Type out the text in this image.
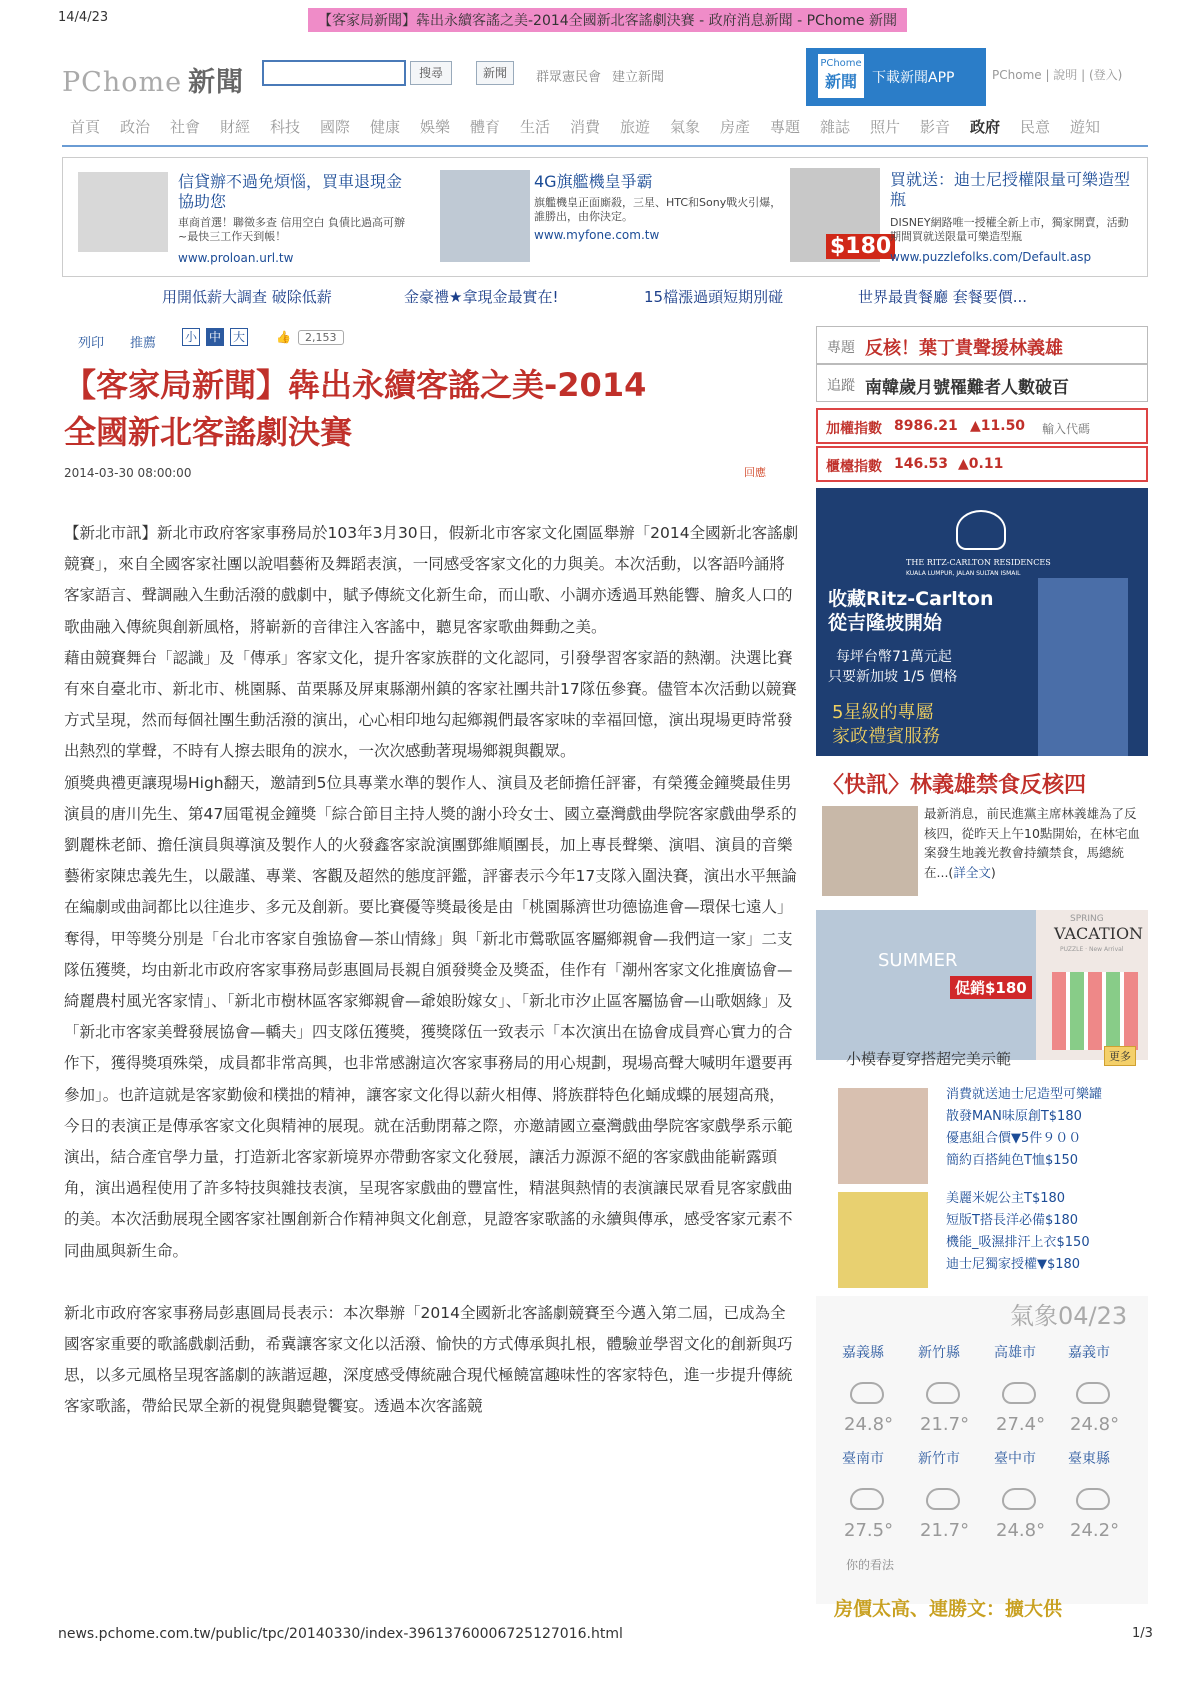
14/4/23	【客家局新聞】犇出永續客謠之美-2014全國新北客謠劇決賽 - 政府消息新聞 - PChome 新聞
PChome 新聞	搜尋	新聞	群眾憲民會 建立新聞
PChome
新聞	下載新聞APP	PChome | 說明 | (登入)
首頁	政治	社會	財經	科技	國際	健康	娛樂	體育	生活	消費	旅遊	氣象	房產	專題	雜誌	照片	影音	政府	民意	遊知
信貸辦不過免煩惱，買車退現金協助您
車商首選！聯徵多查 信用空白 負債比過高可辦~最快三工作天到帳！
www.proloan.url.tw
4G旗艦機皇爭霸
旗艦機皇正面廝殺，三星、HTC和Sony戰火引爆，誰勝出，由你決定。
www.myfone.com.tw	$180
買就送：迪士尼授權限量可樂造型瓶
DISNEY網路唯一授權全新上市，獨家開賣，活動期間買就送限量可樂造型瓶
www.puzzlefolks.com/Default.asp
用開低薪大調查 破除低薪	金豪禮★拿現金最實在!	15檔漲過頭短期別碰	世界最貴餐廳 套餐要價...
列印 推薦 小 中 大	👍	2,153
【客家局新聞】犇出永續客謠之美-2014
全國新北客謠劇決賽
2014-03-30 08:00:00	回應

【新北市訊】新北市政府客家事務局於103年3月30日，假新北市客家文化園區舉辦「2014全國新北客謠劇競賽」，來自全國客家社團以說唱藝術及舞蹈表演，一同感受客家文化的力與美。本次活動，以客語吟誦將客家語言、聲調融入生動活潑的戲劇中，賦予傳統文化新生命，而山歌、小調亦透過耳熟能響、膾炙人口的歌曲融入傳統與創新風格，將嶄新的音律注入客謠中，聽見客家歌曲舞動之美。

藉由競賽舞台「認識」及「傳承」客家文化，提升客家族群的文化認同，引發學習客家語的熱潮。決選比賽有來自臺北市、新北市、桃園縣、苗栗縣及屏東縣潮州鎮的客家社團共計17隊伍參賽。儘管本次活動以競賽方式呈現，然而每個社團生動活潑的演出，心心相印地勾起鄉親們最客家味的幸福回憶，演出現場更時常發出熱烈的掌聲，不時有人擦去眼角的淚水，一次次感動著現場鄉親與觀眾。

頒獎典禮更讓現場High翻天，邀請到5位具專業水準的製作人、演員及老師擔任評審，有榮獲金鐘獎最佳男演員的唐川先生、第47屆電視金鐘獎「綜合節目主持人獎的謝小玲女士、國立臺灣戲曲學院客家戲曲學系的劉麗株老師、擔任演員與導演及製作人的火發鑫客家說演團鄧維順團長，加上專長聲樂、演唱、演員的音樂藝術家陳忠義先生，以嚴謹、專業、客觀及超然的態度評鑑，評審表示今年17支隊入圍決賽，演出水平無論在編劇或曲詞都比以往進步、多元及創新。要比賽優等獎最後是由「桃園縣濟世功德協進會—環保七遠人」奪得，甲等獎分別是「台北市客家自強協會—茶山情緣」與「新北市鶯歌區客屬鄉親會—我們這一家」二支隊伍獲獎，均由新北市政府客家事務局彭惠圓局長親自頒發獎金及獎盃，佳作有「潮州客家文化推廣協會—綺麗農村風光客家情」、「新北市樹林區客家鄉親會—爺娘盼嫁女」、「新北市汐止區客屬協會—山歌姻緣」及「新北市客家美聲發展協會—轎夫」四支隊伍獲獎，獲獎隊伍一致表示「本次演出在協會成員齊心實力的合作下，獲得獎項殊榮，成員都非常高興，也非常感謝這次客家事務局的用心規劃，現場高聲大喊明年還要再參加」。也許這就是客家勤儉和樸拙的精神，讓客家文化得以薪火相傳、將族群特色化蛹成蝶的展翅高飛，今日的表演正是傳承客家文化與精神的展現。就在活動閉幕之際，亦邀請國立臺灣戲曲學院客家戲學系示範演出，結合產官學力量，打造新北客家新境界亦帶動客家文化發展，讓活力源源不絕的客家戲曲能嶄露頭角，演出過程使用了許多特技與雜技表演，呈現客家戲曲的豐富性，精湛與熱情的表演讓民眾看見客家戲曲的美。本次活動展現全國客家社團創新合作精神與文化創意，見證客家歌謠的永續與傳承，感受客家元素不同曲風與新生命。

新北市政府客家事務局彭惠圓局長表示：本次舉辦「2014全國新北客謠劇競賽至今邁入第二屆，已成為全國客家重要的歌謠戲劇活動，希冀讓客家文化以活潑、愉快的方式傳承與扎根，體驗並學習文化的創新與巧思，以多元風格呈現客謠劇的詼諧逗趣，深度感受傳統融合現代極饒富趣味性的客家特色，進一步提升傳統客家歌謠，帶給民眾全新的視覺與聽覺饗宴。透過本次客謠競

專題 反核！葉丁貴聲援林義雄
追蹤 南韓歲月號罹難者人數破百
加權指數 8986.21 ▲11.50 輸入代碼
櫃檯指數 146.53 ▲0.11
THE RITZ-CARLTON RESIDENCES
KUALA LUMPUR, JALAN SULTAN ISMAIL
收藏Ritz-Carlton
從吉隆坡開始
每坪台幣71萬元起
只要新加坡 1/5 價格
5星級的專屬
家政禮賓服務
〈快訊〉林義雄禁食反核四
最新消息，前民進黨主席林義雄為了反核四，從昨天上午10點開始，在林宅血案發生地義光教會持續禁食，馬總統在...(詳全文)
SUMMER
促銷$180
SPRING
VACATION
PUZZLE · New Arrival
小模春夏穿搭超完美示範	更多
消費就送迪士尼造型可樂罐
散發MAN味原創T$180
優惠組合價▼5件９００
簡約百搭純色T恤$150
美麗米妮公主T$180
短版T搭長洋必備$180
機能_吸濕排汗上衣$150
迪士尼獨家授權▼$180
氣象04/23
嘉義縣 新竹縣 高雄市 嘉義市
24.8° 21.7° 27.4° 24.8°
臺南市 新竹市 臺中市 臺東縣
27.5° 21.7° 24.8° 24.2°
你的看法
房價太高、連勝文：擴大供
news.pchome.com.tw/public/tpc/20140330/index-39613760006725127016.html	1/3
